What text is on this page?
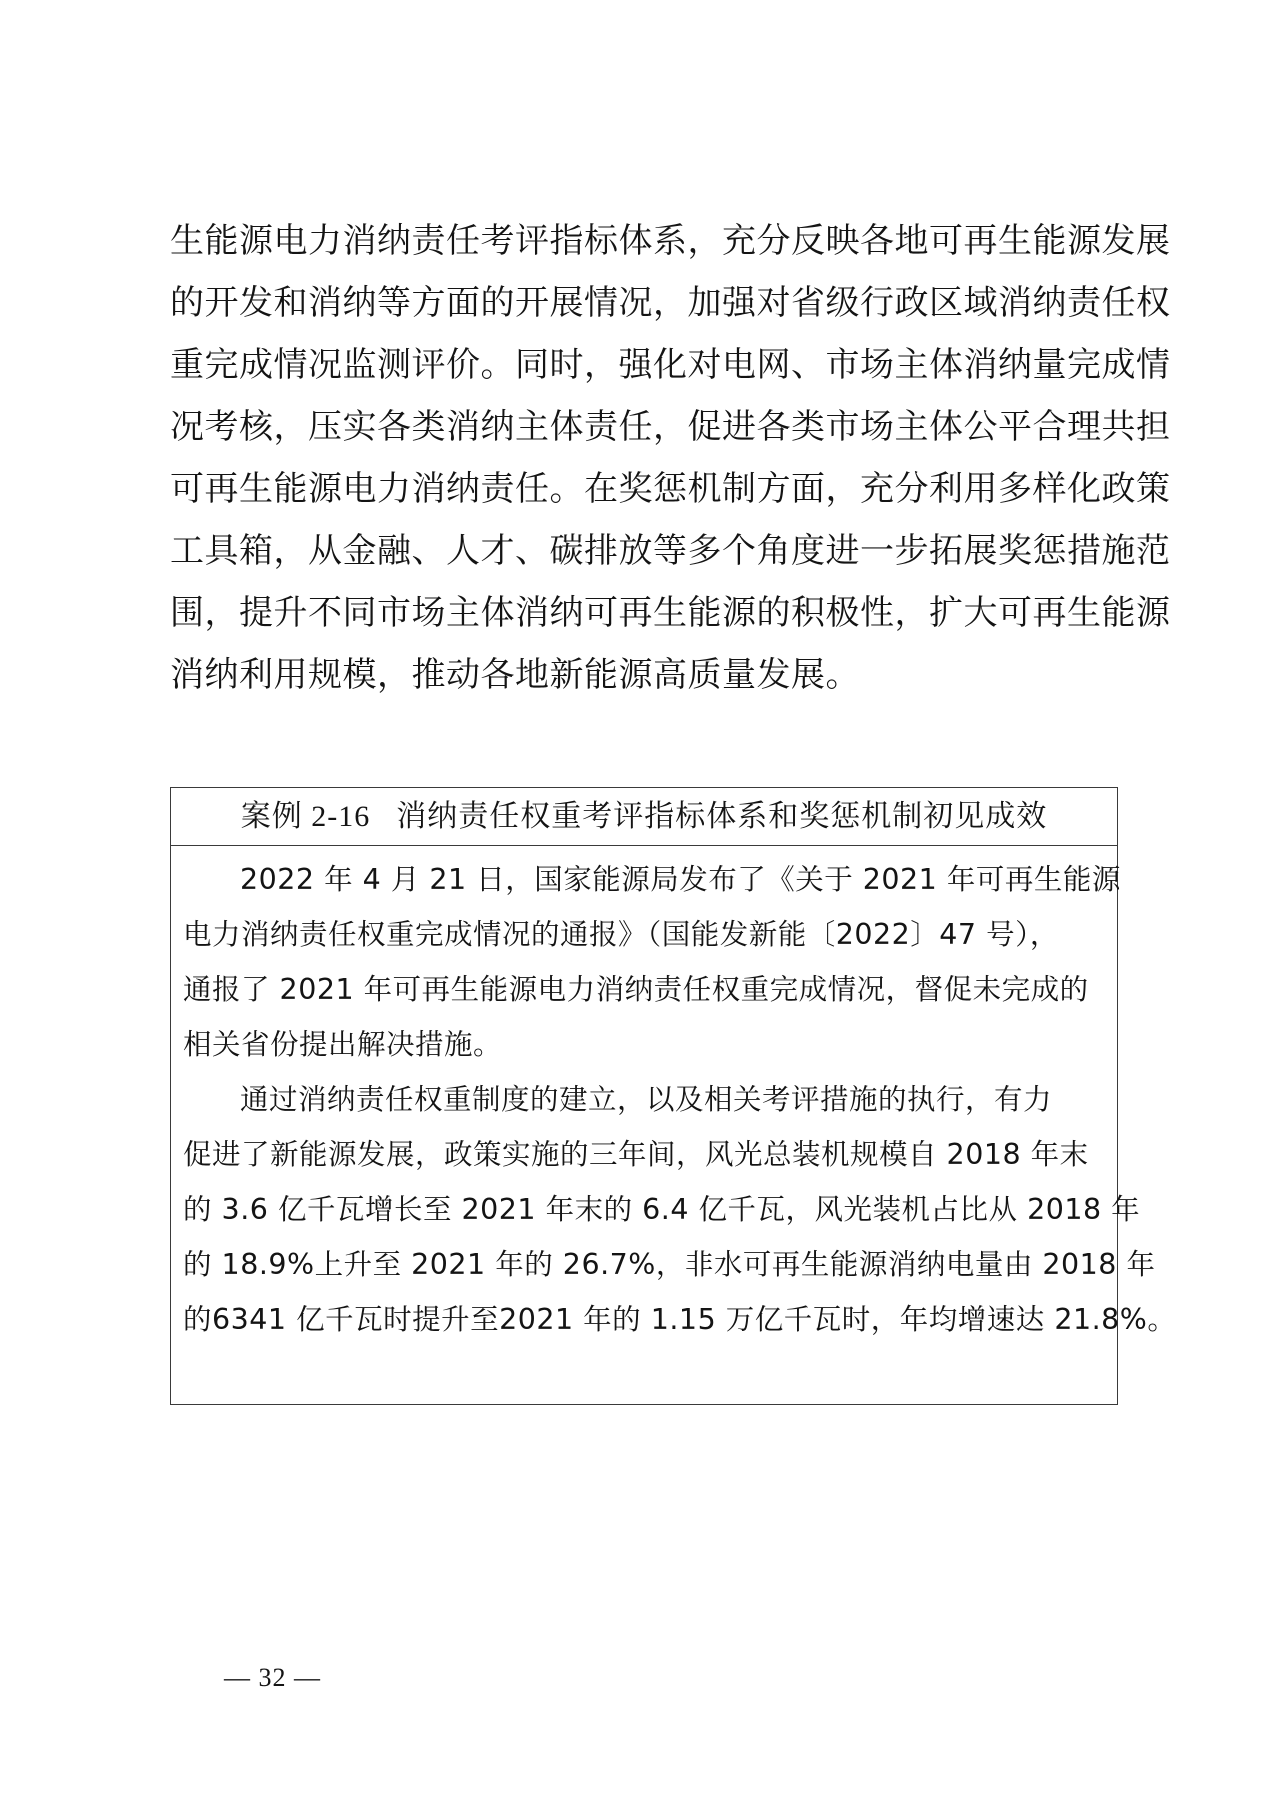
生能源电力消纳责任考评指标体系，充分反映各地可再生能源发展
的开发和消纳等方面的开展情况，加强对省级行政区域消纳责任权
重完成情况监测评价。同时，强化对电网、市场主体消纳量完成情
况考核，压实各类消纳主体责任，促进各类市场主体公平合理共担
可再生能源电力消纳责任。在奖惩机制方面，充分利用多样化政策
工具箱，从金融、人才、碳排放等多个角度进一步拓展奖惩措施范
围，提升不同市场主体消纳可再生能源的积极性，扩大可再生能源
消纳利用规模，推动各地新能源高质量发展。
案例 2-16 消纳责任权重考评指标体系和奖惩机制初见成效
2022 年 4 月 21 日，国家能源局发布了《关于 2021 年可再生能源
电力消纳责任权重完成情况的通报》（国能发新能〔2022〕47 号），
通报了 2021 年可再生能源电力消纳责任权重完成情况，督促未完成的
相关省份提出解决措施。
通过消纳责任权重制度的建立，以及相关考评措施的执行，有力
促进了新能源发展，政策实施的三年间，风光总装机规模自 2018 年末
的 3.6 亿千瓦增长至 2021 年末的 6.4 亿千瓦，风光装机占比从 2018 年
的 18.9%上升至 2021 年的 26.7%，非水可再生能源消纳电量由 2018 年
的6341 亿千瓦时提升至2021 年的 1.15 万亿千瓦时，年均增速达 21.8%。
— 32 —
